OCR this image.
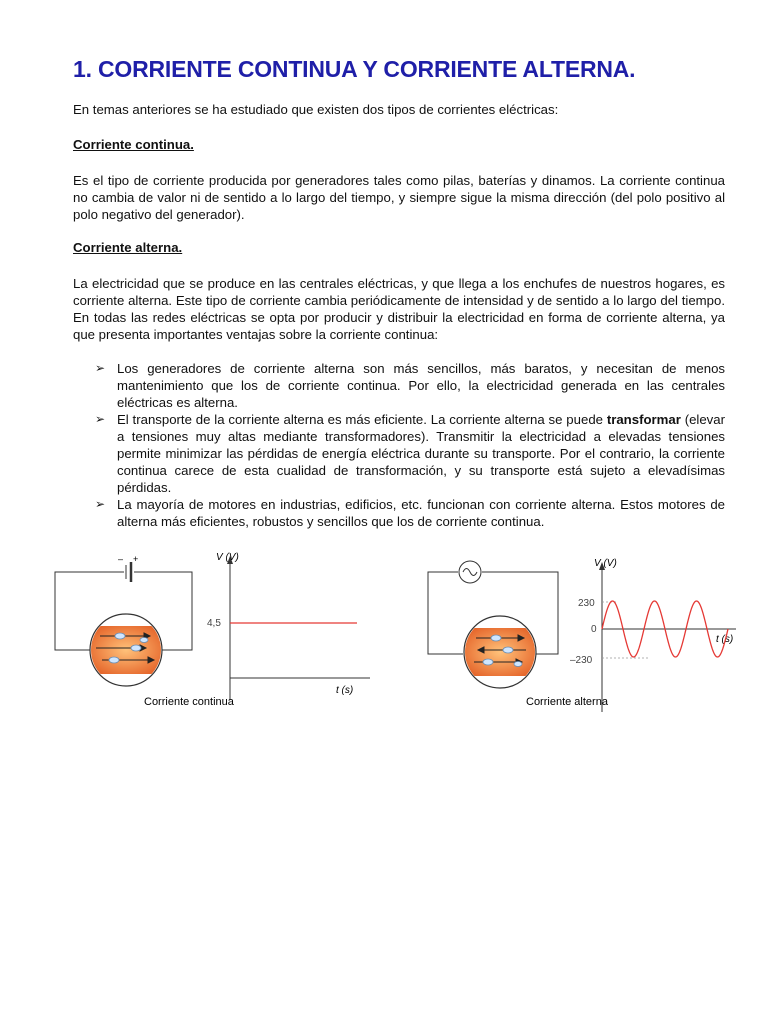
1. CORRIENTE CONTINUA Y CORRIENTE ALTERNA.

En temas anteriores se ha estudiado que existen dos tipos de corrientes eléctricas:

Corriente continua.

Es el tipo de corriente producida por generadores tales como pilas, baterías y dinamos. La corriente continua no cambia de valor ni de sentido a lo largo del tiempo, y siempre sigue la misma dirección (del polo positivo al polo negativo del generador).

Corriente alterna.

La electricidad que se produce en las centrales eléctricas, y que llega a los enchufes de nuestros hogares, es corriente alterna. Este tipo de corriente cambia periódicamente de intensidad y de sentido a lo largo del tiempo. En todas las redes eléctricas se opta por producir y distribuir la electricidad en forma de corriente alterna, ya que presenta importantes ventajas sobre la corriente continua:

➢ Los generadores de corriente alterna son más sencillos, más baratos, y necesitan de menos mantenimiento que los de corriente continua. Por ello, la electricidad generada en las centrales eléctricas es alterna.
➢ El transporte de la corriente alterna es más eficiente. La corriente alterna se puede transformar (elevar a tensiones muy altas mediante transformadores). Transmitir la electricidad a elevadas tensiones permite minimizar las pérdidas de energía eléctrica durante su transporte. Por el contrario, la corriente continua carece de esta cualidad de transformación, y su transporte está sujeto a elevadísimas pérdidas.
➢ La mayoría de motores en industrias, edificios, etc. funcionan con corriente alterna. Estos motores de alterna más eficientes, robustos y sencillos que los de corriente continua.
– +	V (V)
t (s)
4,5
Corriente continua
V (V)
t (s)
230
0
–230
Corriente alterna
